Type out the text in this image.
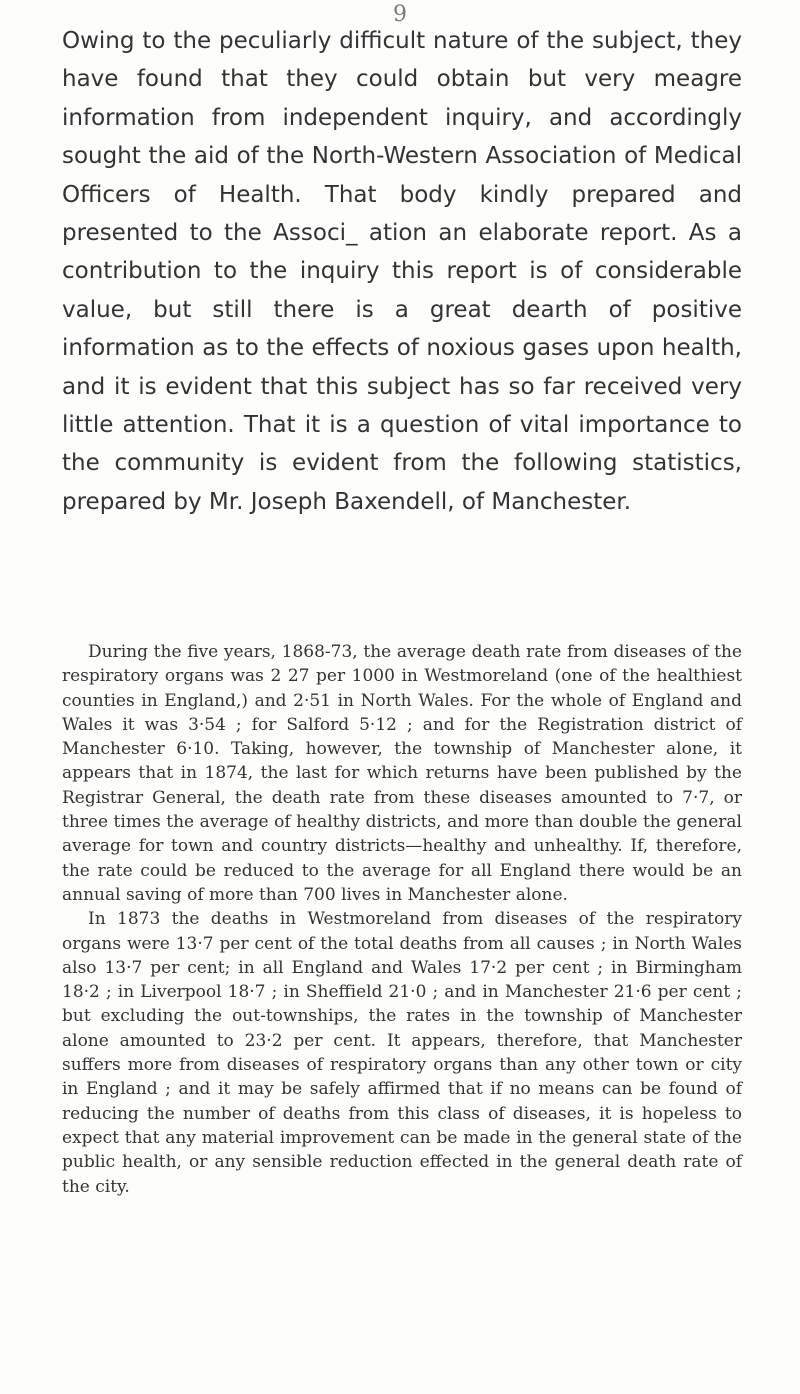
9

Owing to the peculiarly difficult nature of the subject, they have found that they could obtain but very meagre information from independent inquiry, and accordingly sought the aid of the North-Western Association of Medical Officers of Health. That body kindly prepared and presented to the Associ_ ation an elaborate report. As a contribution to the inquiry this report is of considerable value, but still there is a great dearth of positive information as to the effects of noxious gases upon health, and it is evident that this subject has so far received very little attention. That it is a question of vital importance to the community is evident from the following statistics, prepared by Mr. Joseph Baxendell, of Manchester.

During the five years, 1868-73, the average death rate from diseases of the respiratory organs was 2 27 per 1000 in Westmoreland (one of the healthiest counties in England,) and 2·51 in North Wales. For the whole of England and Wales it was 3·54 ; for Salford 5·12 ; and for the Registration district of Manchester 6·10. Taking, however, the township of Manchester alone, it appears that in 1874, the last for which returns have been published by the Registrar General, the death rate from these diseases amounted to 7·7, or three times the average of healthy districts, and more than double the general average for town and country districts—healthy and unhealthy. If, therefore, the rate could be reduced to the average for all England there would be an annual saving of more than 700 lives in Manchester alone.

In 1873 the deaths in Westmoreland from diseases of the respiratory organs were 13·7 per cent of the total deaths from all causes ; in North Wales also 13·7 per cent; in all England and Wales 17·2 per cent ; in Birmingham 18·2 ; in Liverpool 18·7 ; in Sheffield 21·0 ; and in Manchester 21·6 per cent ; but excluding the out-townships, the rates in the township of Manchester alone amounted to 23·2 per cent. It appears, therefore, that Manchester suffers more from diseases of respiratory organs than any other town or city in England ; and it may be safely affirmed that if no means can be found of reducing the number of deaths from this class of diseases, it is hopeless to expect that any material improvement can be made in the general state of the public health, or any sensible reduction effected in the general death rate of the city.
